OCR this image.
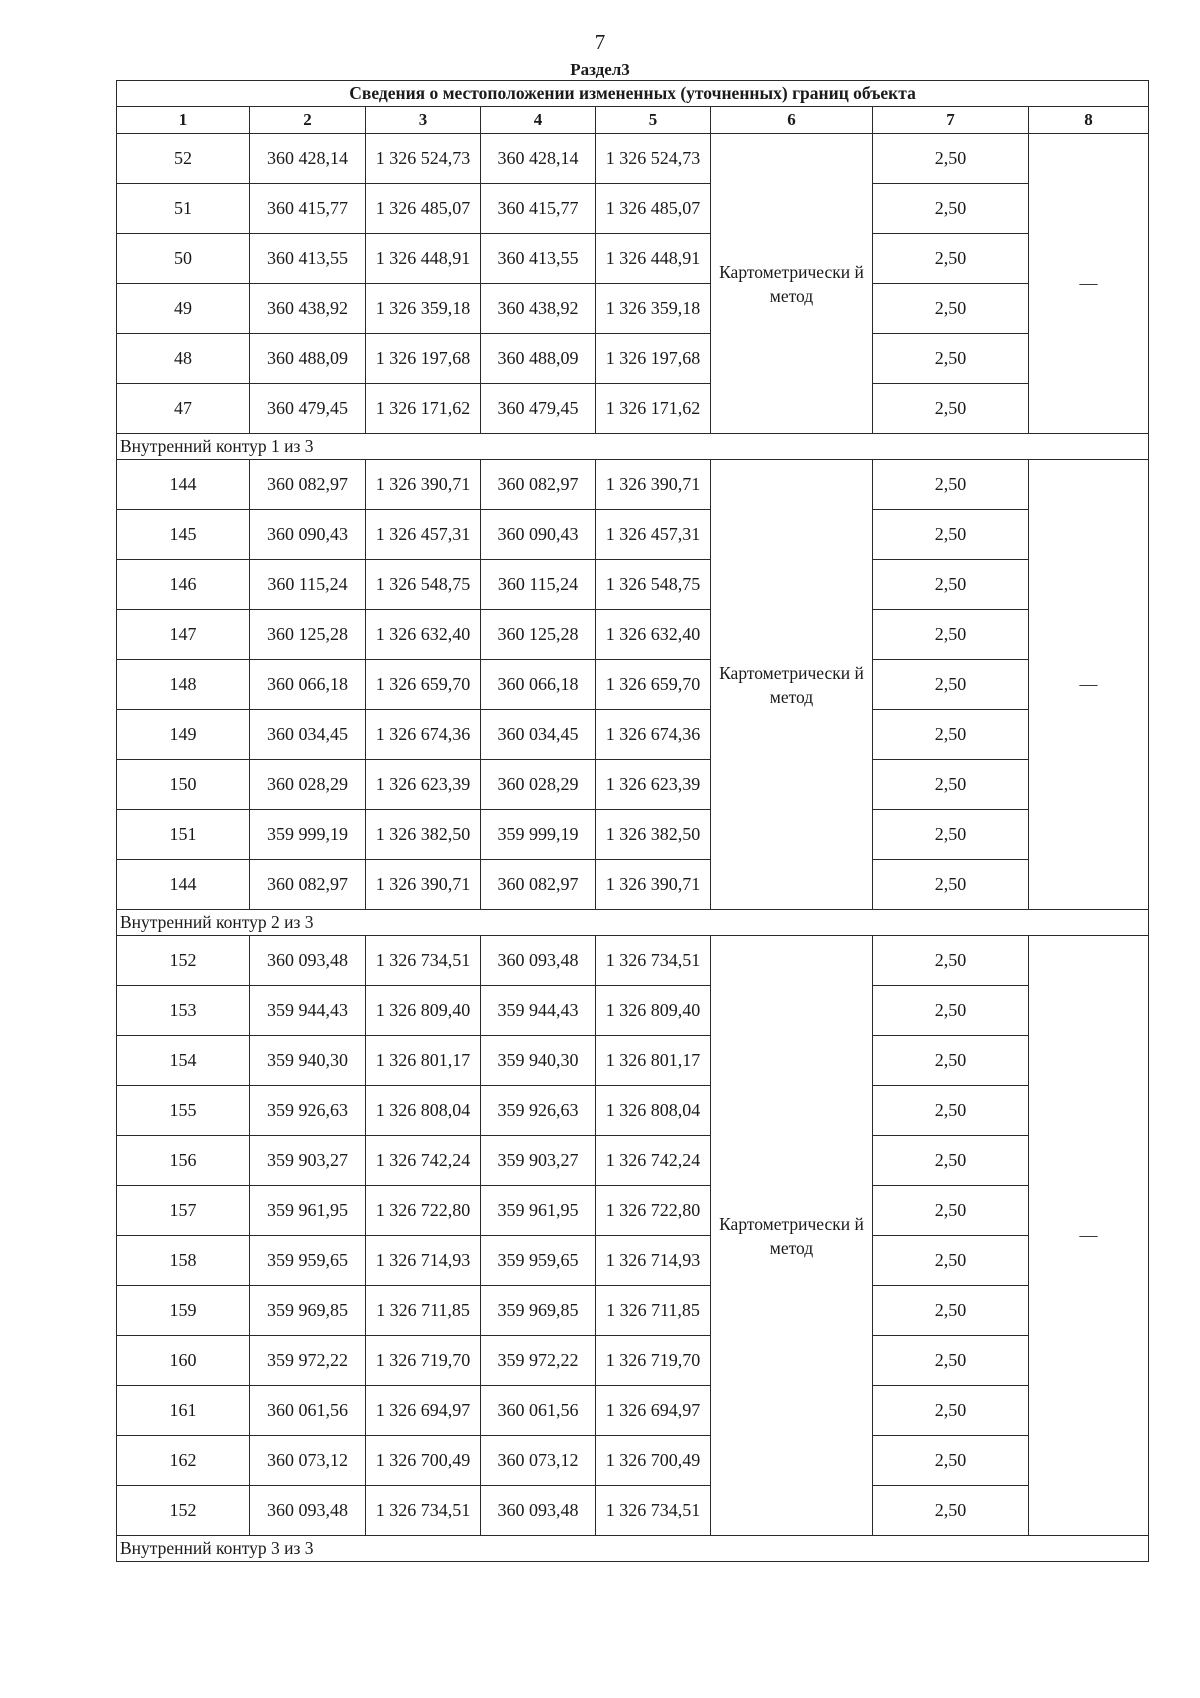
7
Раздел3
Сведения о местоположении измененных (уточненных) границ объекта							
1	2	3	4	5	6	7	8
52	360 428,14	1 326 524,73	360 428,14	1 326 524,73	Картометрически й метод	2,50	—
51	360 415,77	1 326 485,07	360 415,77	1 326 485,07		2,50	
50	360 413,55	1 326 448,91	360 413,55	1 326 448,91		2,50	
49	360 438,92	1 326 359,18	360 438,92	1 326 359,18		2,50	
48	360 488,09	1 326 197,68	360 488,09	1 326 197,68		2,50	
47	360 479,45	1 326 171,62	360 479,45	1 326 171,62		2,50	
Внутренний контур 1 из 3							
144	360 082,97	1 326 390,71	360 082,97	1 326 390,71	Картометрически й метод	2,50	—
145	360 090,43	1 326 457,31	360 090,43	1 326 457,31		2,50	
146	360 115,24	1 326 548,75	360 115,24	1 326 548,75		2,50	
147	360 125,28	1 326 632,40	360 125,28	1 326 632,40		2,50	
148	360 066,18	1 326 659,70	360 066,18	1 326 659,70		2,50	
149	360 034,45	1 326 674,36	360 034,45	1 326 674,36		2,50	
150	360 028,29	1 326 623,39	360 028,29	1 326 623,39		2,50	
151	359 999,19	1 326 382,50	359 999,19	1 326 382,50		2,50	
144	360 082,97	1 326 390,71	360 082,97	1 326 390,71		2,50	
Внутренний контур 2 из 3							
152	360 093,48	1 326 734,51	360 093,48	1 326 734,51	Картометрически й метод	2,50	—
153	359 944,43	1 326 809,40	359 944,43	1 326 809,40		2,50	
154	359 940,30	1 326 801,17	359 940,30	1 326 801,17		2,50	
155	359 926,63	1 326 808,04	359 926,63	1 326 808,04		2,50	
156	359 903,27	1 326 742,24	359 903,27	1 326 742,24		2,50	
157	359 961,95	1 326 722,80	359 961,95	1 326 722,80		2,50	
158	359 959,65	1 326 714,93	359 959,65	1 326 714,93		2,50	
159	359 969,85	1 326 711,85	359 969,85	1 326 711,85		2,50	
160	359 972,22	1 326 719,70	359 972,22	1 326 719,70		2,50	
161	360 061,56	1 326 694,97	360 061,56	1 326 694,97		2,50	
162	360 073,12	1 326 700,49	360 073,12	1 326 700,49		2,50	
152	360 093,48	1 326 734,51	360 093,48	1 326 734,51		2,50	
Внутренний контур 3 из 3							
